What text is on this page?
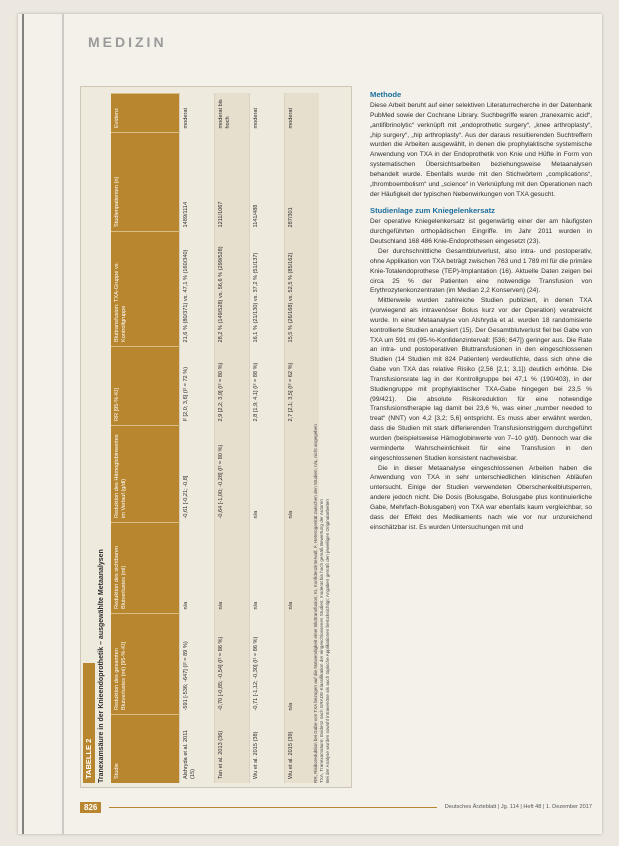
MEDIZIN
TABELLE 2 Tranexamsäure in der Knieendoprothetik – ausgewählte Metaanalysen Studie	Reduktion des gesamten Blutverlustes (ml) [95-%-KI]	Reduktion des sichtbaren Blutverlustes (ml)	Reduktion des Hämoglobinwertes im Verlauf (g/dl)	RR [95-%-KI]	Bluttransfusion: TXA-Gruppe vs. Kontrollgruppe	Studienpatienten (n)	Evidenz
Alshryda et al. 2011 (15)	-591 [-536; -647] (I² = 89 %)	n/a	-0,61 [-0,21; -0,8]	I² [2,0; 3,6] (I² = 72 %)	21,6 % (80/371) vs. 47,1 % (160/340)	1489/1114	moderat
Tan et al. 2013 (36)	-0,70 [-0,85; -0,54] (I² = 86 %)	n/a	-0,64 [-1,00; -0,28] (I² = 80 %)	2,9 [2,2; 3,9] (I² = 80 %)	28,2 % (149/528) vs. 56,6 % (299/528)	1211/1067	moderat bis hoch
Wu et al. 2015 (38)	-0,71 [-1,12; -0,30] (I² = 86 %)	n/a	n/a	2,8 [1,9; 4,1] (I² = 88 %)	16,1 % (21/130) vs. 37,2 % (51/137)	1141/488	moderat
Wu et al. 2015 (39)	n/a	n/a	n/a	2,7 [2,1; 3,5] (I² = 62 %)	15,5 % (26/168) vs. 52,5 % (85/162)	287/301	moderat
RR, Risikoreduktion bei Gabe von TXA bezogen auf die Notwendigkeit einer Bluttransfusion; KI, Konfidenzintervall; I², Heterogenität zwischen den Studien; n/a, nicht angegeben TXA, Tranexamsäure; Evidenz nach GRADE-Klassifikation der eingeschlossenen Studien; moderat bis hoch gemäß Bewertung der Autoren Bei der Analyse wurden sowohl intravenöse als auch topische Applikationen berücksichtigt; Angaben gemäß den jeweiligen Originalarbeiten
Methode

Diese Arbeit beruht auf einer selektiven Literaturrecherche in der Datenbank PubMed sowie der Cochrane Library. Suchbegriffe waren „tranexamic acid“, „antifibrinolytic“ verknüpft mit „endoprothetic surgery“, „knee arthroplasty“, „hip surgery“, „hip arthroplasty“. Aus der daraus resultierenden Suchtreffern wurden die Arbeiten ausgewählt, in denen die prophylaktische systemische Anwendung von TXA in der Endoprothetik von Knie und Hüfte in Form von systematischen Übersichtsarbeiten beziehungsweise Metaanalysen behandelt wurde. Ebenfalls wurde mit den Stichwörtern „complications“, „thromboembolism“ und „science“ in Verknüpfung mit den Operationen nach der Häufigkeit der typischen Nebenwirkungen von TXA gesucht.

Studienlage zum Kniegelenkersatz

Der operative Kniegelenkersatz ist gegenwärtig einer der am häufigsten durchgeführten orthopädischen Eingriffe. Im Jahr 2011 wurden in Deutschland 168 486 Knie-Endoprothesen eingesetzt (23).

Der durchschnittliche Gesamtblutverlust, also intra- und postoperativ, ohne Applikation von TXA beträgt zwischen 763 und 1 789 ml für die primäre Knie-Totalendoprothese (TEP)-Implantation (16). Aktuelle Daten zeigen bei circa 25 % der Patienten eine notwendige Transfusion von Erythrozytenkonzentraten (im Median 2,2 Konserven) (24).

Mittlerweile wurden zahlreiche Studien publiziert, in denen TXA (vorwiegend als intravenöser Bolus kurz vor der Operation) verabreicht wurde. In einer Metaanalyse von Alshryda et al. wurden 18 randomisierte kontrollierte Studien analysiert (15). Der Gesamtblutverlust fiel bei Gabe von TXA um 591 ml (95-%-Konfidenzintervall: [536; 647]) geringer aus. Die Rate an intra- und postoperativen Bluttransfusionen in den eingeschlossenen Studien (14 Studien mit 824 Patienten) verdeutlichte, dass sich ohne die Gabe von TXA das relative Risiko (2,56 [2,1; 3,1]) deutlich erhöhte. Die Transfusionsrate lag in der Kontrollgruppe bei 47,1 % (190/403), in der Studiengruppe mit prophylaktischer TXA-Gabe hingegen bei 23,5 % (99/421). Die absolute Risikoreduktion für eine notwendige Transfusionstherapie lag damit bei 23,6 %, was einer „number needed to treat“ (NNT) von 4,2 [3,2; 5,6] entspricht. Es muss aber erwähnt werden, dass die Studien mit stark differierenden Transfusionstriggern durchgeführt wurden (beispielsweise Hämoglobinwerte von 7–10 g/dl). Dennoch war die verminderte Wahrscheinlichkeit für eine Transfusion in den eingeschlossenen Studien konsistent nachweisbar.

Die in dieser Metaanalyse eingeschlossenen Arbeiten haben die Anwendung von TXA in sehr unterschiedlichen klinischen Abläufen untersucht. Einige der Studien verwendeten Oberschenkelblutsperren, andere jedoch nicht. Die Dosis (Bolusgabe, Bolusgabe plus kontinuierliche Gabe, Mehrfach-Bolusgaben) von TXA war ebenfalls kaum vergleichbar, so dass der Effekt des Medikaments nach wie vor nur unzureichend einschätzbar ist. Es wurden Untersuchungen mit und

826	Deutsches Ärzteblatt | Jg. 114 | Heft 48 | 1. Dezember 2017
